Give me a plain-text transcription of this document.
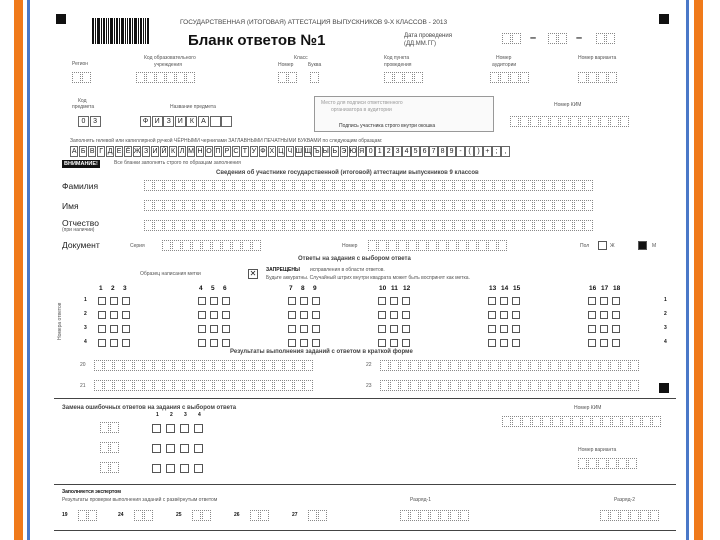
ГОСУДАРСТВЕННАЯ (ИТОГОВАЯ) АТТЕСТАЦИЯ ВЫПУСКНИКОВ 9-Х КЛАССОВ - 2013
Бланк ответов №1	Дата проведения
(ДД.ММ.ГГ)	–	–
Регион
Код образовательного
учреждения
Класс
Номер	Буква
Код пункта
проведения
Номер
аудитории
Номер варианта
Код
предмета	Название предмета
0	3	Ф И З И	К	А
Место для подписи ответственного
организатора в аудитории
Подпись участника строго внутри окошка
Номер КИМ
Заполнять гелевой или капиллярной ручкой ЧЁРНЫМИ чернилами ЗАГЛАВНЫМИ ПЕЧАТНЫМИ БУКВАМИ по следующим образцам:
А Б В Г Д Е Ё Ж З И Й К Л М Н О П Р С Т У Ф Х Ц Ч Ш Щ Ъ Ы Ь Э Ю Я 0 1 2 3 4 5 6 7 8 9 - ( ) + ;	,
ВНИМАНИЕ!	Все бланки заполнять строго по образцам заполнения
Сведения об участнике государственной (итоговой) аттестации выпускников 9 классов
Фамилия
Имя
Отчество
(при наличии)
Документ	Серия	Номер	Пол	Ж	М
Ответы на задания с выбором ответа
Образец написания метки	✕	ЗАПРЕЩЕНЫ исправления в области ответов.
Будьте аккуратны. Случайный штрих внутри квадрата может быть воспринят как метка.
Номера ответов
1 2 3	4 5 6	7 8 9	10 11 12	13 14 15	16 17 18
1	1
2	2
3	3
4	4
Результаты выполнения заданий с ответом в краткой форме
20
21
22
23
Замена ошибочных ответов на задания с выбором ответа
1 2 3 4
Номер КИМ
Номер варианта
Заполняется экспертом
Результаты проверки выполнения заданий с развёрнутым ответом	Разряд-1	Разряд-2
19	24	25	26	27
